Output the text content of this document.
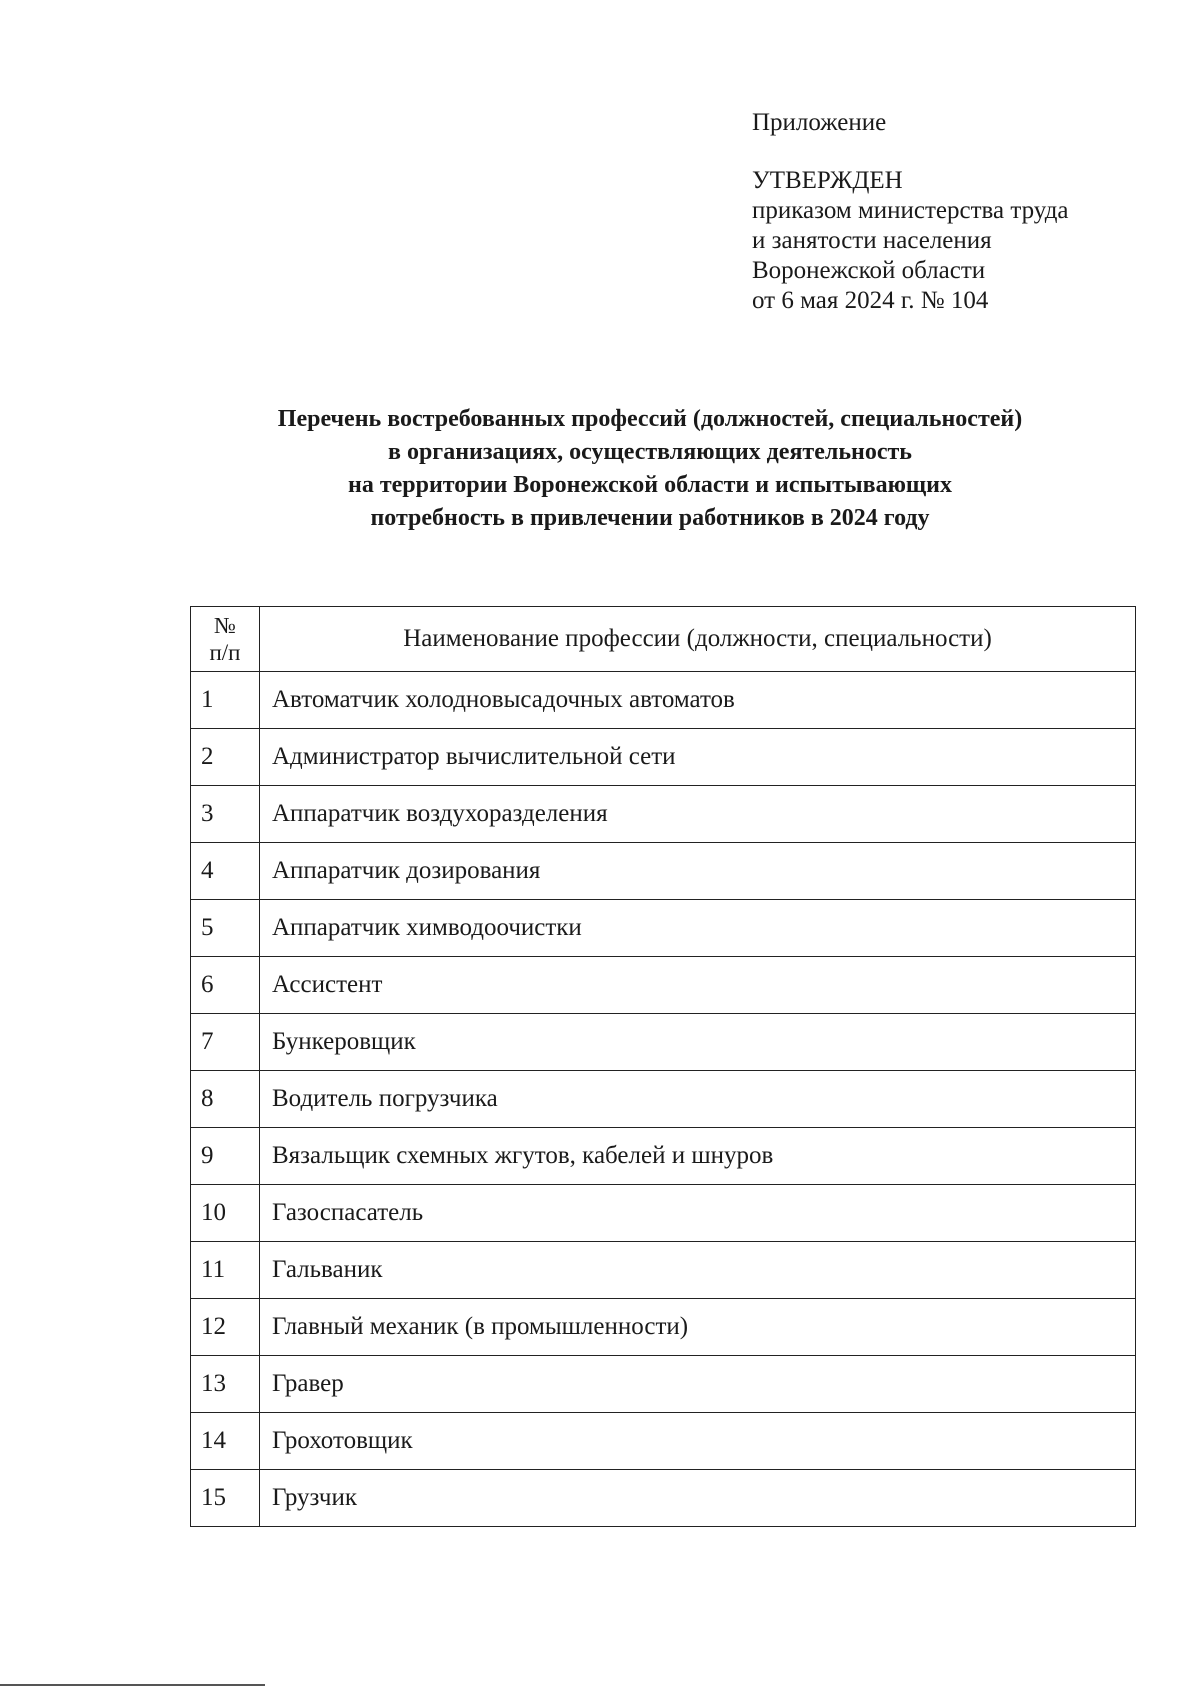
Приложение
УТВЕРЖДЕН
приказом министерства труда
и занятости населения
Воронежской области
от 6 мая 2024 г. № 104
Перечень востребованных профессий (должностей, специальностей)
в организациях, осуществляющих деятельность
на территории Воронежской области и испытывающих
потребность в привлечении работников в 2024 году
№
п/п	Наименование профессии (должности, специальности)
1	Автоматчик холодновысадочных автоматов
2	Администратор вычислительной сети
3	Аппаратчик воздухоразделения
4	Аппаратчик дозирования
5	Аппаратчик химводоочистки
6	Ассистент
7	Бункеровщик
8	Водитель погрузчика
9	Вязальщик схемных жгутов, кабелей и шнуров
10	Газоспасатель
11	Гальваник
12	Главный механик (в промышленности)
13	Гравер
14	Грохотовщик
15	Грузчик
